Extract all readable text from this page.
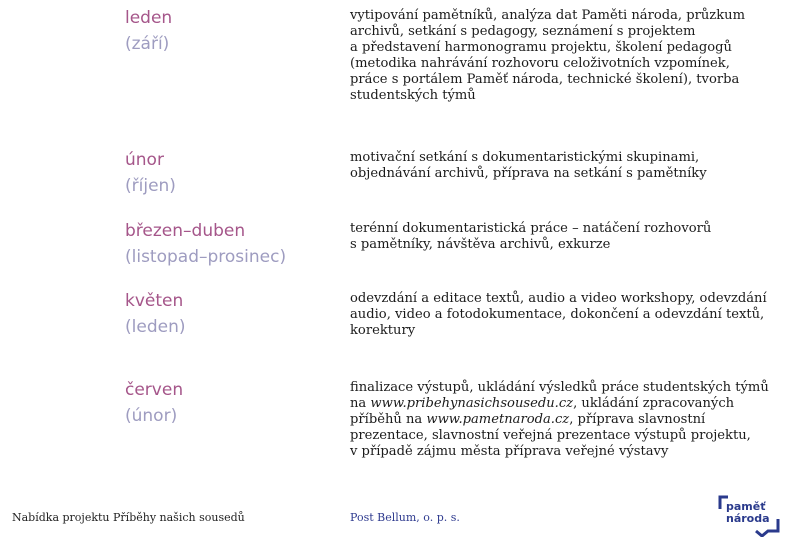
leden
(září)

vytipování pamětníků, analýza dat Paměti národa, průzkum

archivů, setkání s pedagogy, seznámení s projektem

a představení harmonogramu projektu, školení pedagogů

(metodika nahrávání rozhovoru celoživotních vzpomínek,

práce s portálem Paměť národa, technické školení), tvorba

studentských týmů

únor
(říjen)

motivační setkání s dokumentaristickými skupinami,

objednávání archivů, příprava na setkání s pamětníky

březen–duben
(listopad–prosinec)

terénní dokumentaristická práce – natáčení rozhovorů

s pamětníky, návštěva archivů, exkurze

květen
(leden)

odevzdání a editace textů, audio a video workshopy, odevzdání

audio, video a fotodokumentace, dokončení a odevzdání textů,

korektury

červen
(únor)

finalizace výstupů, ukládání výsledků práce studentských týmů

na www.pribehynasichsousedu.cz, ukládání zpracovaných

příběhů na www.pametnaroda.cz, příprava slavnostní

prezentace, slavnostní veřejná prezentace výstupů projektu,

v případě zájmu města příprava veřejné výstavy

Nabídka projektu Příběhy našich sousedů	Post Bellum, o. p. s.
paměť
národa
